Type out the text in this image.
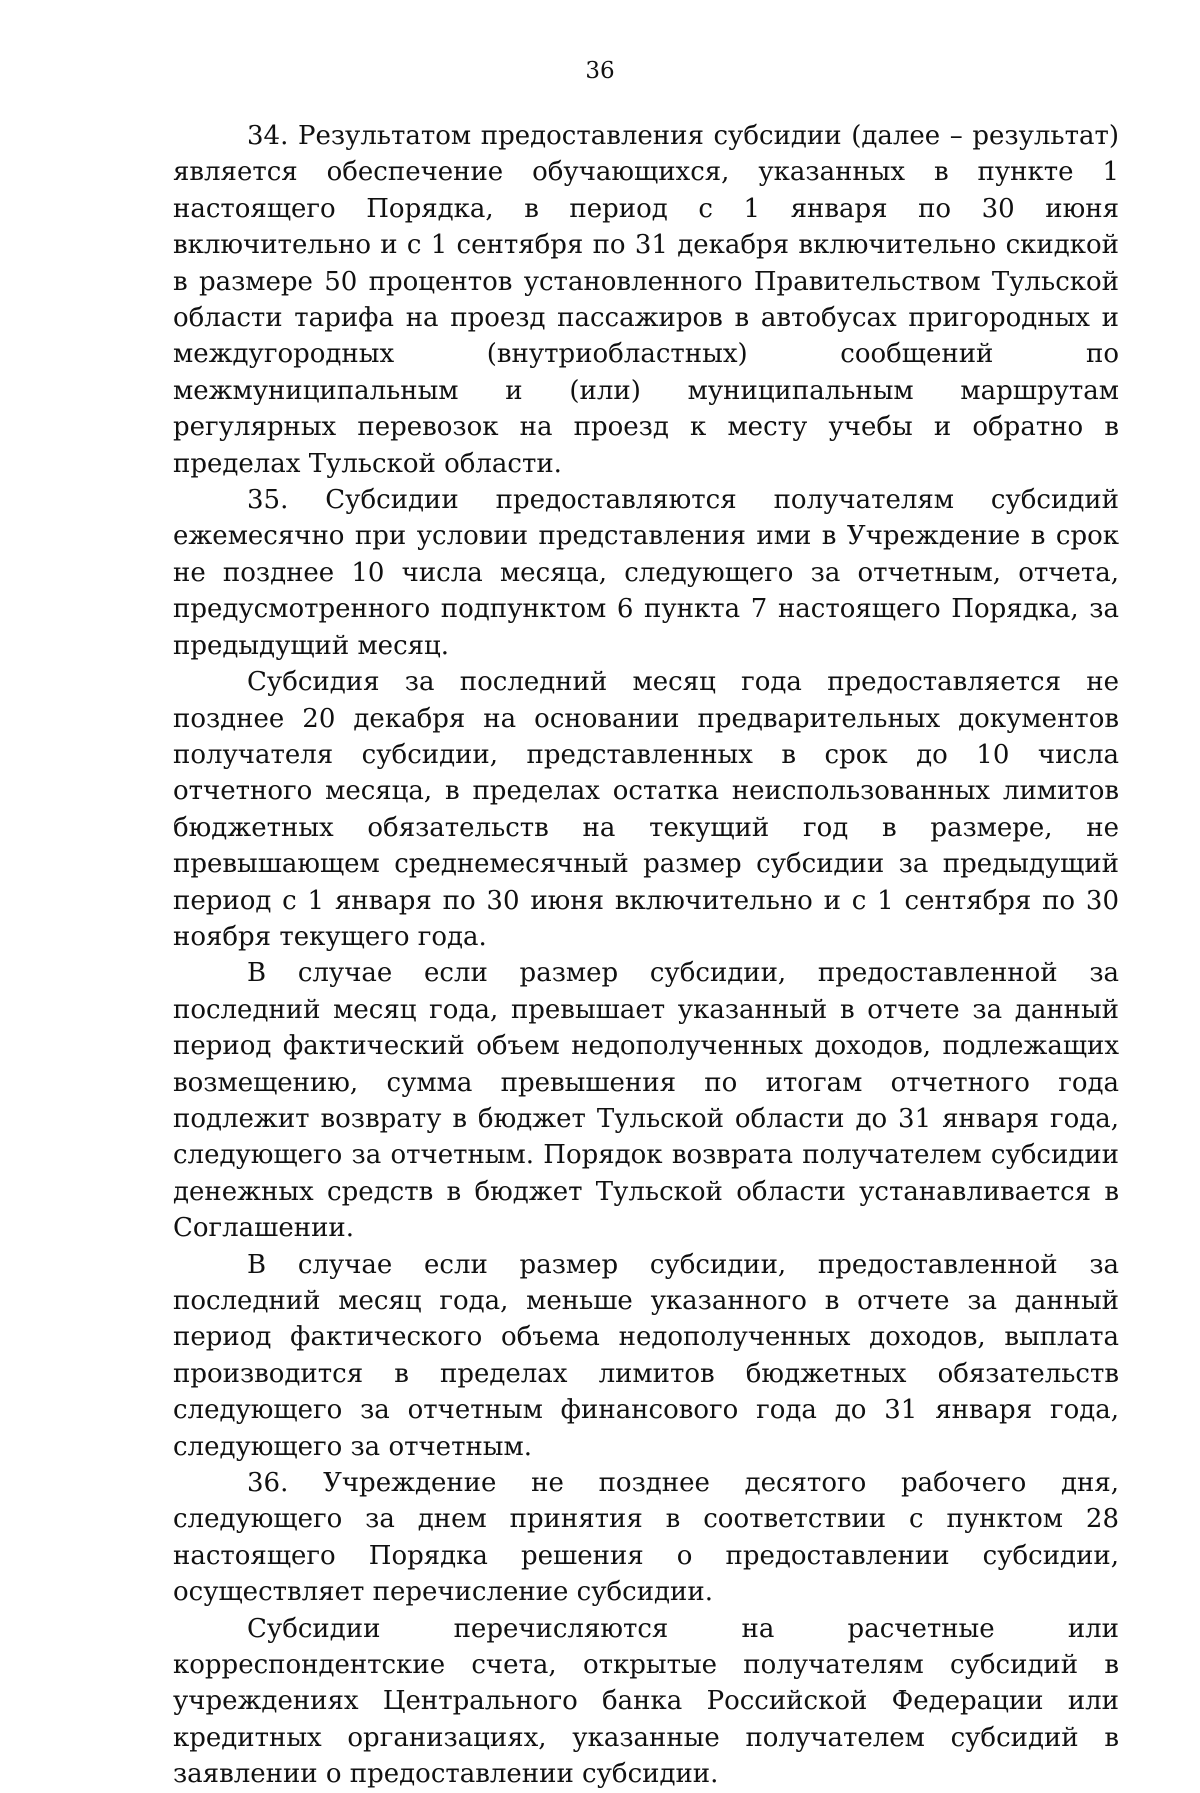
36

34. Результатом предоставления субсидии (далее – результат) является обеспечение обучающихся, указанных в пункте 1 настоящего Порядка, в период с 1 января по 30 июня включительно и с 1 сентября по 31 декабря включительно скидкой в размере 50 процентов установленного Правительством Тульской области тарифа на проезд пассажиров в автобусах пригородных и междугородных (внутриобластных) сообщений по межмуниципальным и (или) муниципальным маршрутам регулярных перевозок на проезд к месту учебы и обратно в пределах Тульской области.

35. Субсидии предоставляются получателям субсидий ежемесячно при условии представления ими в Учреждение в срок не позднее 10 числа месяца, следующего за отчетным, отчета, предусмотренного подпунктом 6 пункта 7 настоящего Порядка, за предыдущий месяц.

Субсидия за последний месяц года предоставляется не позднее 20 декабря на основании предварительных документов получателя субсидии, представленных в срок до 10 числа отчетного месяца, в пределах остатка неиспользованных лимитов бюджетных обязательств на текущий год в размере, не превышающем среднемесячный размер субсидии за предыдущий период с 1 января по 30 июня включительно и с 1 сентября по 30 ноября текущего года.

В случае если размер субсидии, предоставленной за последний месяц года, превышает указанный в отчете за данный период фактический объем недополученных доходов, подлежащих возмещению, сумма превышения по итогам отчетного года подлежит возврату в бюджет Тульской области до 31 января года, следующего за отчетным. Порядок возврата получателем субсидии денежных средств в бюджет Тульской области устанавливается в Соглашении.

В случае если размер субсидии, предоставленной за последний месяц года, меньше указанного в отчете за данный период фактического объема недополученных доходов, выплата производится в пределах лимитов бюджетных обязательств следующего за отчетным финансового года до 31 января года, следующего за отчетным.

36. Учреждение не позднее десятого рабочего дня, следующего за днем принятия в соответствии с пунктом 28 настоящего Порядка решения о предоставлении субсидии, осуществляет перечисление субсидии.

Субсидии перечисляются на расчетные или корреспондентские счета, открытые получателям субсидий в учреждениях Центрального банка Российской Федерации или кредитных организациях, указанные получателем субсидий в заявлении о предоставлении субсидии.
